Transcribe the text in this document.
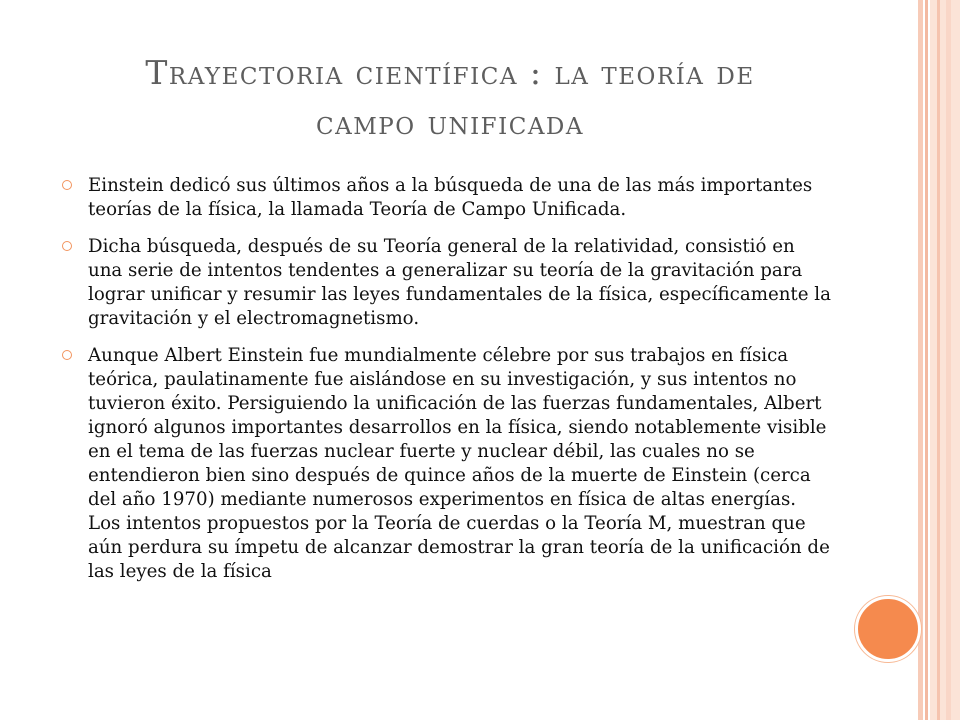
Trayectoria científica : la teoría de
campo unificada
Einstein dedicó sus últimos años a la búsqueda de una de las más importantes teorías de la física, la llamada Teoría de Campo Unificada.
Dicha búsqueda, después de su Teoría general de la relatividad, consistió en una serie de intentos tendentes a generalizar su teoría de la gravitación para lograr unificar y resumir las leyes fundamentales de la física, específicamente la gravitación y el electromagnetismo.
Aunque Albert Einstein fue mundialmente célebre por sus trabajos en física teórica, paulatinamente fue aislándose en su investigación, y sus intentos no tuvieron éxito. Persiguiendo la unificación de las fuerzas fundamentales, Albert ignoró algunos importantes desarrollos en la física, siendo notablemente visible en el tema de las fuerzas nuclear fuerte y nuclear débil, las cuales no se entendieron bien sino después de quince años de la muerte de Einstein (cerca del año 1970) mediante numerosos experimentos en física de altas energías. Los intentos propuestos por la Teoría de cuerdas o la Teoría M, muestran que aún perdura su ímpetu de alcanzar demostrar la gran teoría de la unificación de las leyes de la física
